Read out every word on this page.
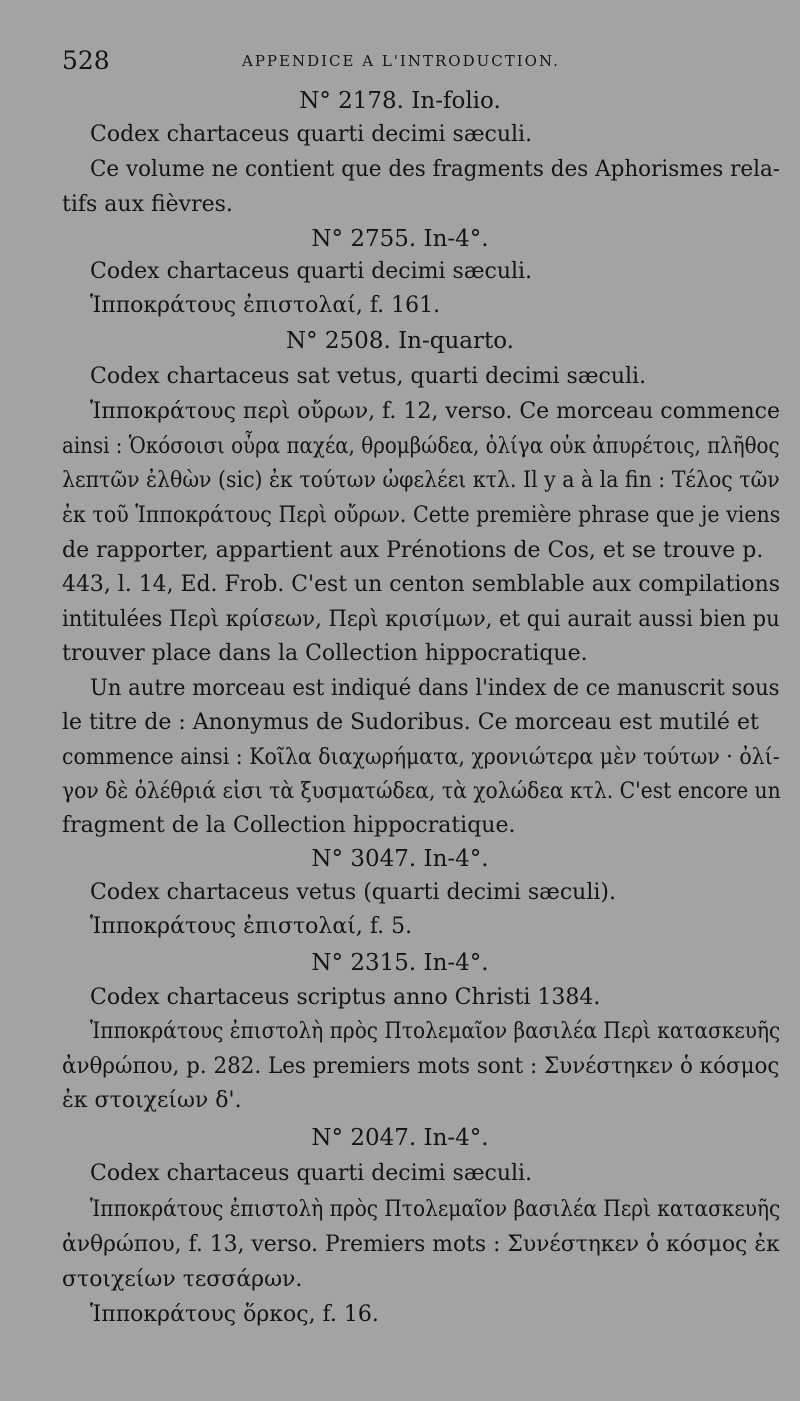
528	APPENDICE A L'INTRODUCTION.
N° 2178. In-folio.
Codex chartaceus quarti decimi sæculi.
Ce volume ne contient que des fragments des Aphorismes rela-
tifs aux fièvres.
N° 2755. In-4°.
Codex chartaceus quarti decimi sæculi.
Ἱπποκράτους ἐπιστολαί, f. 161.
N° 2508. In-quarto.
Codex chartaceus sat vetus, quarti decimi sæculi.
Ἱπποκράτους περὶ οὔρων, f. 12, verso. Ce morceau commence
ainsi : Ὁκόσοισι οὖρα παχέα, θρομβώδεα, ὀλίγα οὐκ ἀπυρέτοις, πλῆθος
λεπτῶν ἐλθὼν (sic) ἐκ τούτων ὠφελέει κτλ. Il y a à la fin : Τέλος τῶν
ἐκ τοῦ Ἱπποκράτους Περὶ οὔρων. Cette première phrase que je viens
de rapporter, appartient aux Prénotions de Cos, et se trouve p.
443, l. 14, Ed. Frob. C'est un centon semblable aux compilations
intitulées Περὶ κρίσεων, Περὶ κρισίμων, et qui aurait aussi bien pu
trouver place dans la Collection hippocratique.
Un autre morceau est indiqué dans l'index de ce manuscrit sous
le titre de : Anonymus de Sudoribus. Ce morceau est mutilé et
commence ainsi : Κοῖλα διαχωρήματα, χρονιώτερα μὲν τούτων · ὀλί-
γον δὲ ὀλέθριά εἰσι τὰ ξυσματώδεα, τὰ χολώδεα κτλ. C'est encore un
fragment de la Collection hippocratique.
N° 3047. In-4°.
Codex chartaceus vetus (quarti decimi sæculi).
Ἱπποκράτους ἐπιστολαί, f. 5.
N° 2315. In-4°.
Codex chartaceus scriptus anno Christi 1384.
Ἱπποκράτους ἐπιστολὴ πρὸς Πτολεμαῖον βασιλέα Περὶ κατασκευῆς
ἀνθρώπου, p. 282. Les premiers mots sont : Συνέστηκεν ὁ κόσμος
ἐκ στοιχείων δ'.
N° 2047. In-4°.
Codex chartaceus quarti decimi sæculi.
Ἱπποκράτους ἐπιστολὴ πρὸς Πτολεμαῖον βασιλέα Περὶ κατασκευῆς
ἀνθρώπου, f. 13, verso. Premiers mots : Συνέστηκεν ὁ κόσμος ἐκ
στοιχείων τεσσάρων.
Ἱπποκράτους ὅρκος, f. 16.
